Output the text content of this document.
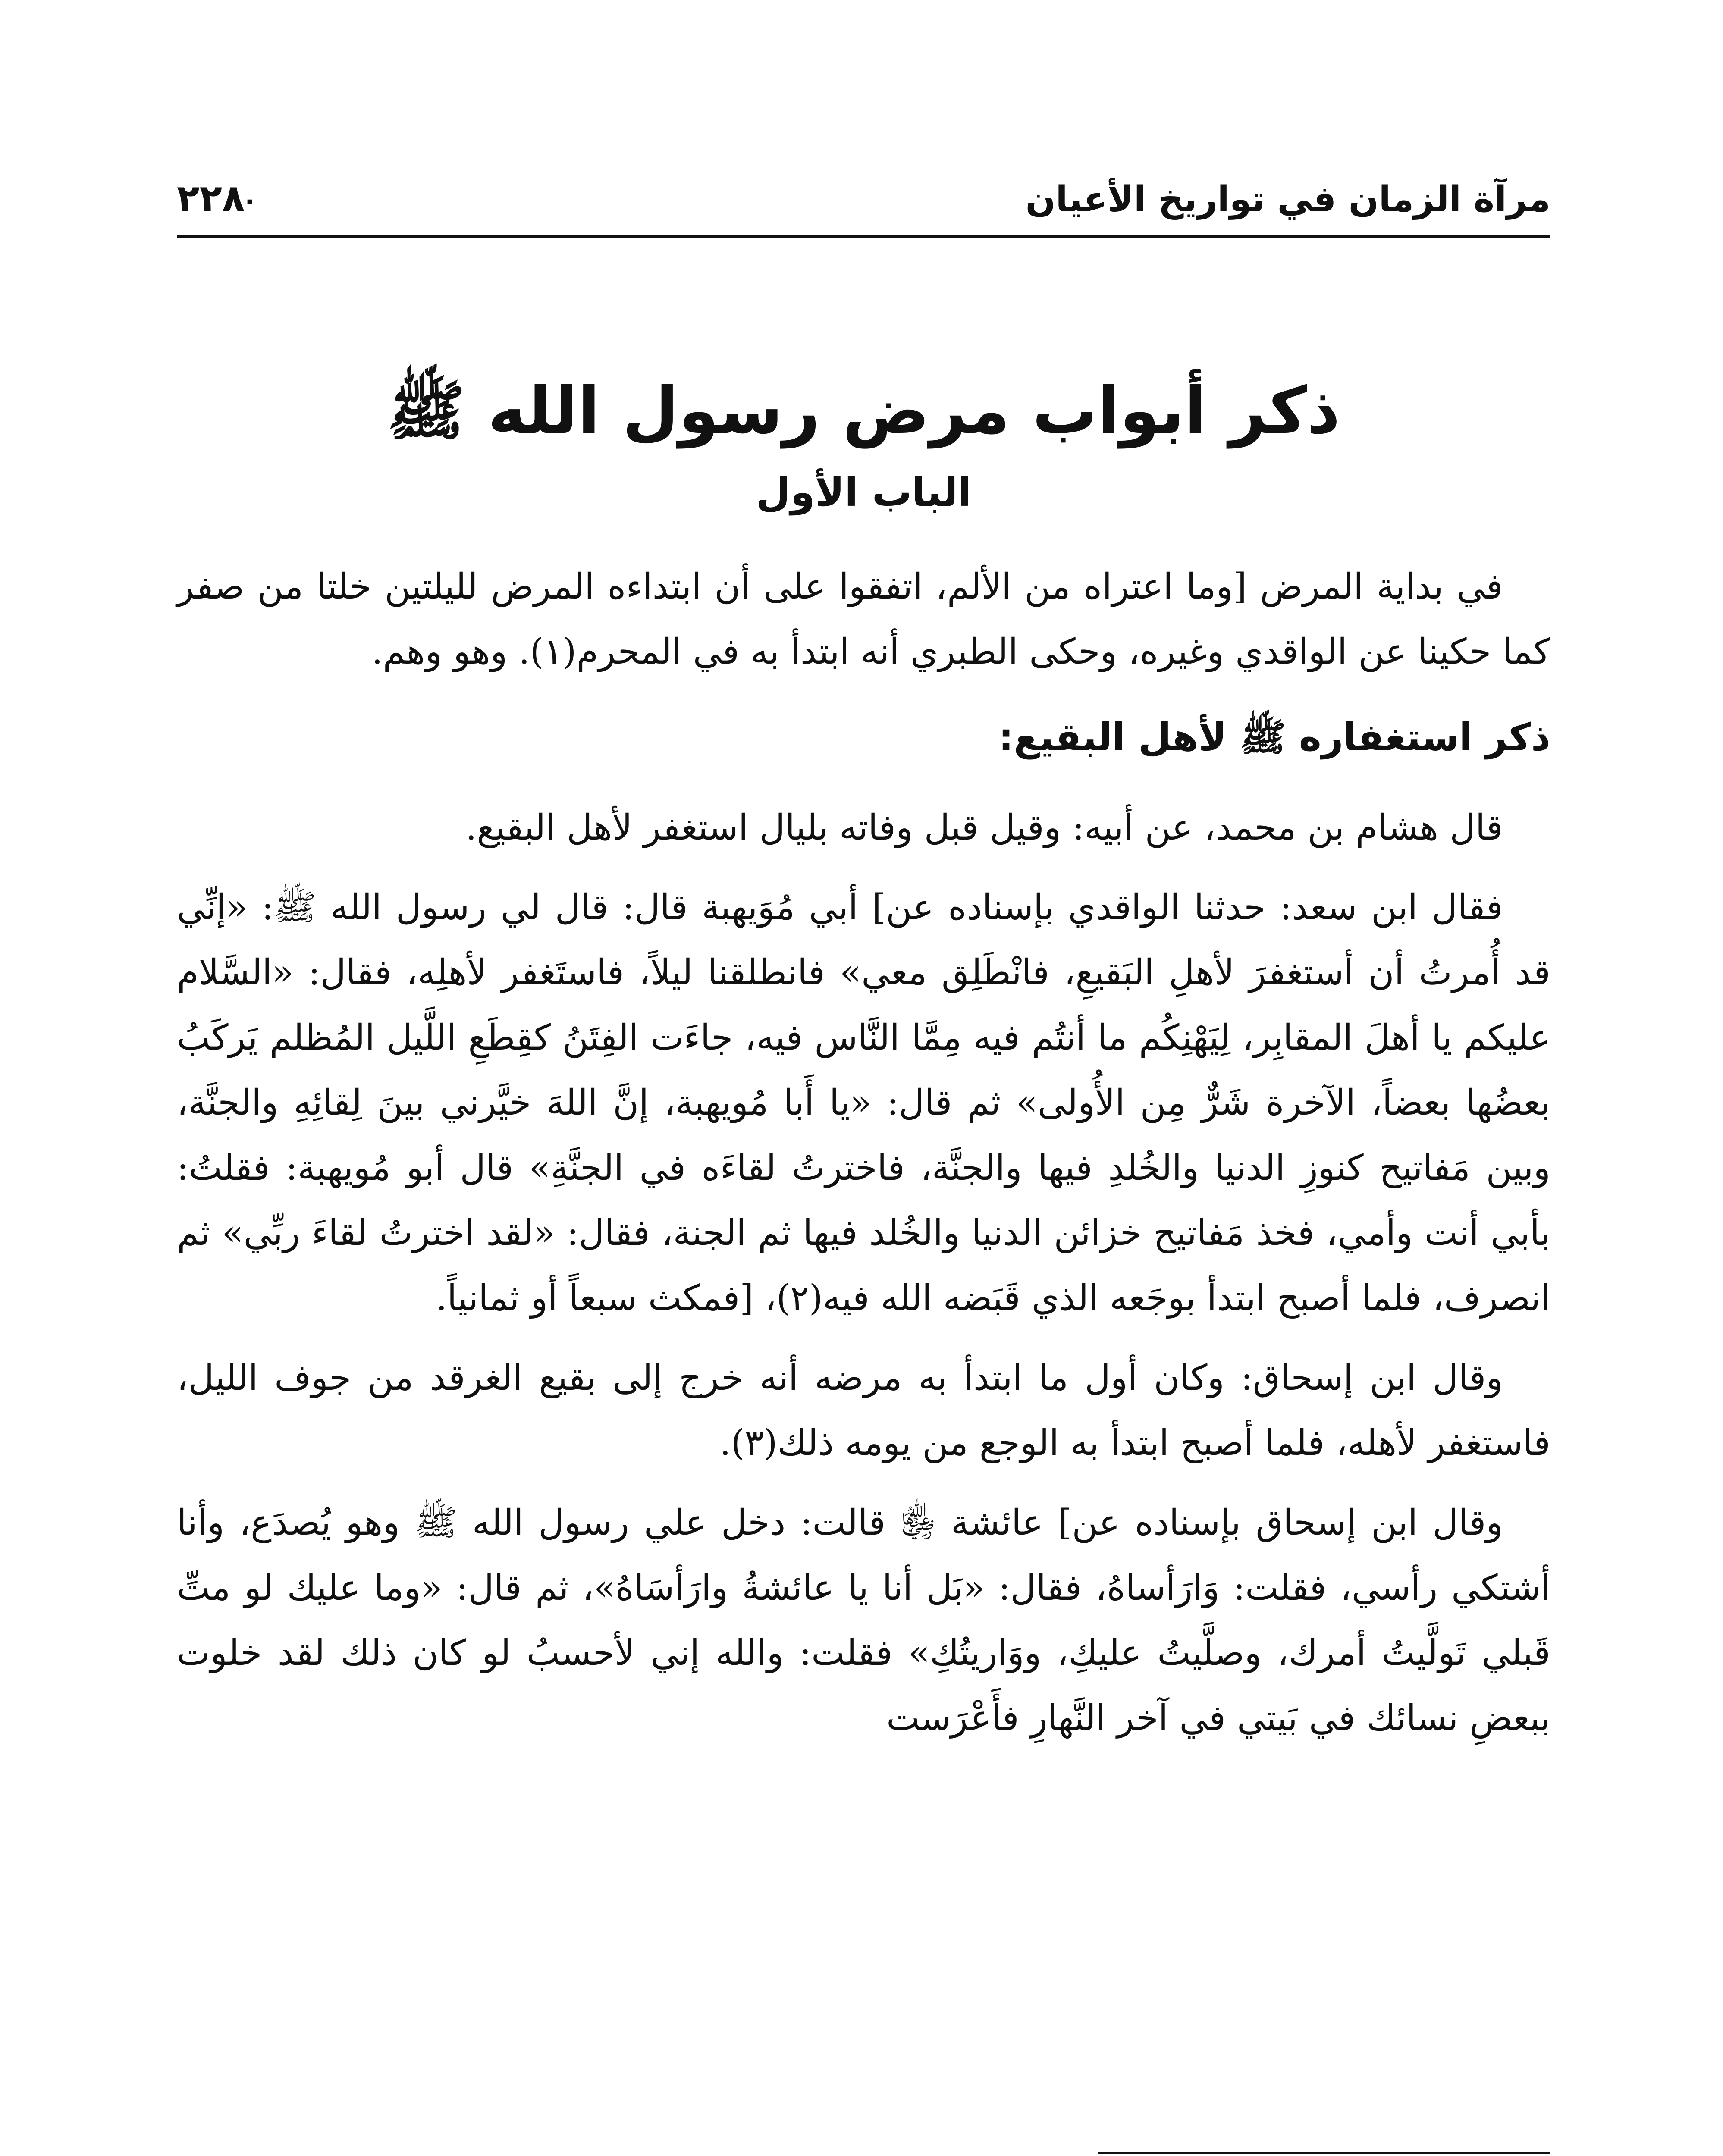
مرآة الزمان في تواريخ الأعيان
٢٢٨·
ذكر أبواب مرض رسول الله ﷺ
الباب الأول

في بداية المرض [وما اعتراه من الألم، اتفقوا على أن ابتداءه المرض لليلتين خلتا من صفر كما حكينا عن الواقدي وغيره، وحكى الطبري أنه ابتدأ به في المحرم(١). وهو وهم.

ذكر استغفاره ﷺ لأهل البقيع:

قال هشام بن محمد، عن أبيه: وقيل قبل وفاته بليال استغفر لأهل البقيع.

فقال ابن سعد: حدثنا الواقدي بإسناده عن] أبي مُوَيهبة قال: قال لي رسول الله ﷺ: «إنِّي قد أُمرتُ أن أستغفرَ لأهلِ البَقيعِ، فانْطَلِق معي» فانطلقنا ليلاً، فاستَغفر لأهلِه، فقال: «السَّلام عليكم يا أهلَ المقابِر، لِيَهْنِكُم ما أنتُم فيه مِمَّا النَّاس فيه، جاءَت الفِتَنُ كقِطَعِ اللَّيل المُظلم يَركَبُ بعضُها بعضاً، الآخرة شَرٌّ مِن الأُولى» ثم قال: «يا أَبا مُويهبة، إنَّ اللهَ خيَّرني بينَ لِقائِهِ والجنَّة، وبين مَفاتيح كنوزِ الدنيا والخُلدِ فيها والجنَّة، فاخترتُ لقاءَه في الجنَّةِ» قال أبو مُويهبة: فقلتُ: بأبي أنت وأمي، فخذ مَفاتيح خزائن الدنيا والخُلد فيها ثم الجنة، فقال: «لقد اخترتُ لقاءَ ربِّي» ثم انصرف، فلما أصبح ابتدأ بوجَعه الذي قَبَضه الله فيه(٢)، [فمكث سبعاً أو ثمانياً.

وقال ابن إسحاق: وكان أول ما ابتدأ به مرضه أنه خرج إلى بقيع الغرقد من جوف الليل، فاستغفر لأهله، فلما أصبح ابتدأ به الوجع من يومه ذلك(٣).

وقال ابن إسحاق بإسناده عن] عائشة ﵂ قالت: دخل علي رسول الله ﷺ وهو يُصدَع، وأنا أشتكي رأسي، فقلت: وَارَأساهُ، فقال: «بَل أنا يا عائشةُ وارَأسَاهُ»، ثم قال: «وما عليك لو متِّ قَبلي تَولَّيتُ أمرك، وصلَّيتُ عليكِ، ووَاريتُكِ» فقلت: والله إني لأحسبُ لو كان ذلك لقد خلوت ببعضِ نسائك في بَيتي في آخر النَّهارِ فأَعْرَست
